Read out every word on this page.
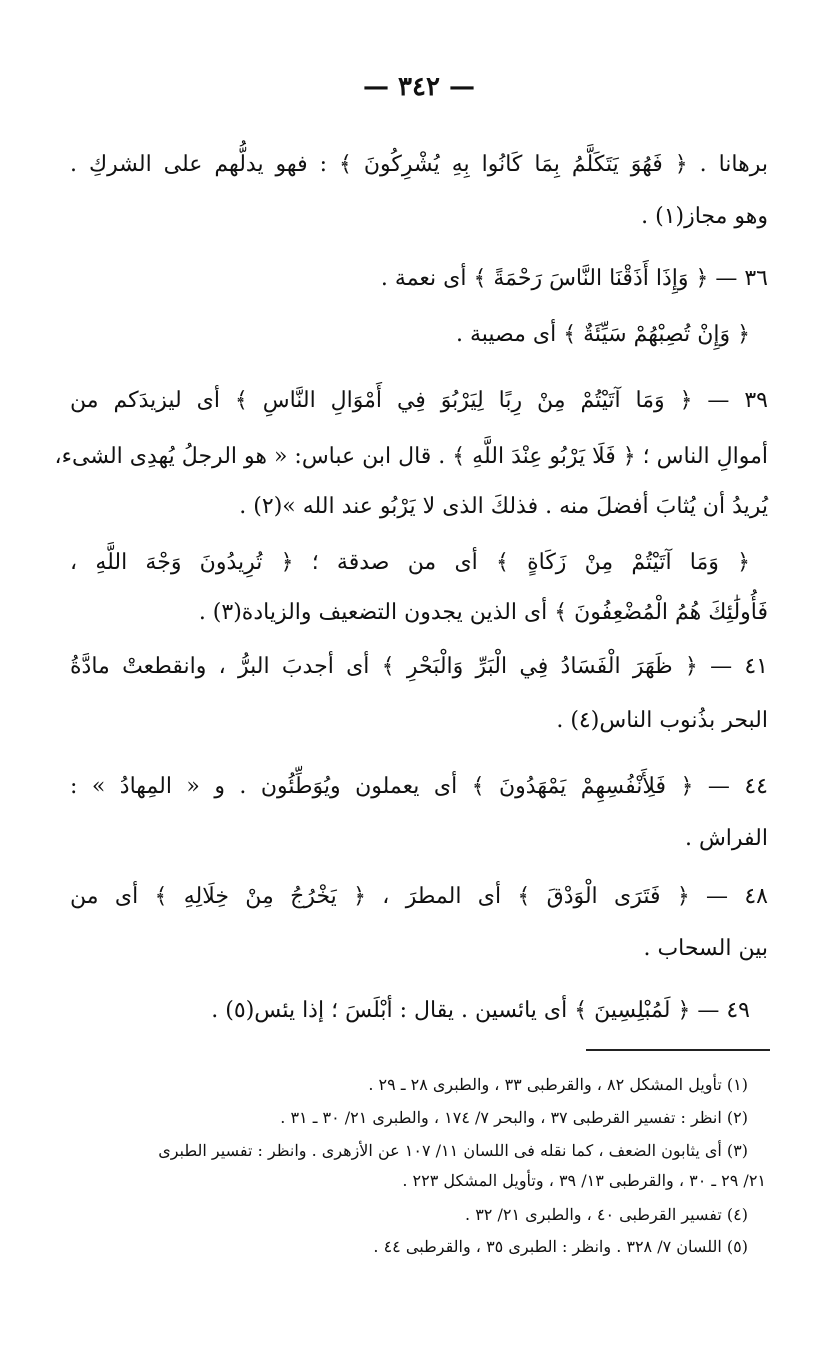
— ٣٤٢ —
برهانا . ﴿ فَهُوَ يَتَكَلَّمُ بِمَا كَانُوا بِهِ يُشْرِكُونَ ﴾ : فهو يدلُّهم على الشركِ .
وهو مجاز(١) .
٣٦ — ﴿ وَإِذَا أَذَقْنَا النَّاسَ رَحْمَةً ﴾ أى نعمة .
﴿ وَإِنْ تُصِبْهُمْ سَيِّئَةٌ ﴾ أى مصيبة .
٣٩ — ﴿ وَمَا آتَيْتُمْ مِنْ رِبًا لِيَرْبُوَ فِي أَمْوَالِ النَّاسِ ﴾ أى ليزيدَكم من
أموالِ الناس ؛ ﴿ فَلَا يَرْبُو عِنْدَ اللَّهِ ﴾ . قال ابن عباس: « هو الرجلُ يُهدِى الشىء،
يُريدُ أن يُثابَ أفضلَ منه . فذلكَ الذى لا يَرْبُو عند الله »(٢) .
﴿ وَمَا آتَيْتُمْ مِنْ زَكَاةٍ ﴾ أى من صدقة ؛ ﴿ تُرِيدُونَ وَجْهَ اللَّهِ ،
فَأُولَٰئِكَ هُمُ الْمُضْعِفُونَ ﴾ أى الذين يجدون التضعيف والزيادة(٣) .
٤١ — ﴿ ظَهَرَ الْفَسَادُ فِي الْبَرِّ وَالْبَحْرِ ﴾ أى أجدبَ البرُّ ، وانقطعتْ مادَّةُ
البحر بذُنوب الناس(٤) .
٤٤ — ﴿ فَلِأَنْفُسِهِمْ يَمْهَدُونَ ﴾ أى يعملون ويُوَطِّئُون . و « المِهادُ » :
الفراش .
٤٨ — ﴿ فَتَرَى الْوَدْقَ ﴾ أى المطرَ ، ﴿ يَخْرُجُ مِنْ خِلَالِهِ ﴾ أى من
بين السحاب .
٤٩ — ﴿ لَمُبْلِسِينَ ﴾ أى يائسين . يقال : أبْلَسَ ؛ إذا يئس(٥) .
(١) تأويل المشكل ٨٢ ، والقرطبى ٣٣ ، والطبرى ٢٨ ـ ٢٩ .
(٢) انظر : تفسير القرطبى ٣٧ ، والبحر ٧/ ١٧٤ ، والطبرى ٢١/ ٣٠ ـ ٣١ .
(٣) أى يثابون الضعف ، كما نقله فى اللسان ١١/ ١٠٧ عن الأزهرى . وانظر : تفسير الطبرى
٢١/ ٢٩ ـ ٣٠ ، والقرطبى ١٣/ ٣٩ ، وتأويل المشكل ٢٢٣ .
(٤) تفسير القرطبى ٤٠ ، والطبرى ٢١/ ٣٢ .
(٥) اللسان ٧/ ٣٢٨ . وانظر : الطبرى ٣٥ ، والقرطبى ٤٤ .
